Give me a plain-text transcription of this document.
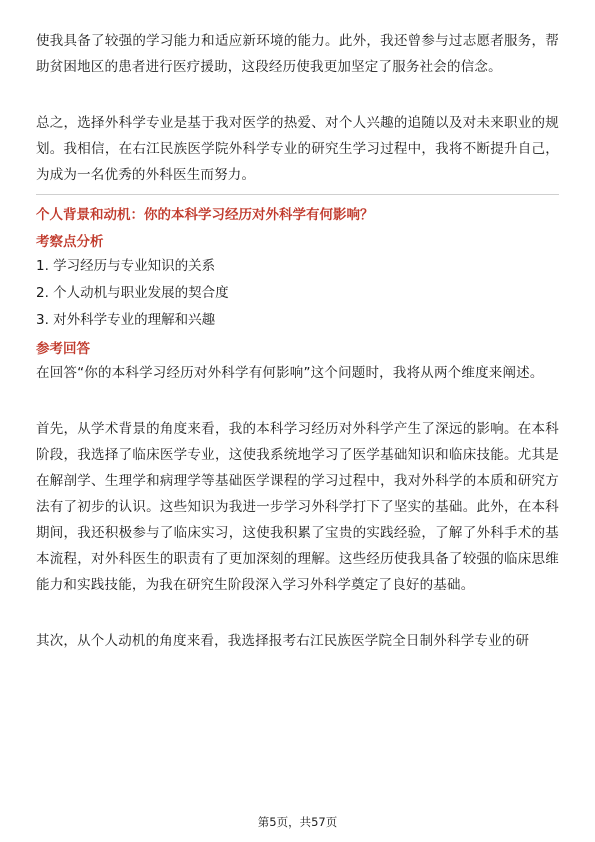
使我具备了较强的学习能力和适应新环境的能力。此外，我还曾参与过志愿者服务，帮助贫困地区的患者进行医疗援助，这段经历使我更加坚定了服务社会的信念。

总之，选择外科学专业是基于我对医学的热爱、对个人兴趣的追随以及对未来职业的规划。我相信，在右江民族医学院外科学专业的研究生学习过程中，我将不断提升自己，为成为一名优秀的外科医生而努力。

个人背景和动机：你的本科学习经历对外科学有何影响？

考察点分析

1. 学习经历与专业知识的关系

2. 个人动机与职业发展的契合度

3. 对外科学专业的理解和兴趣

参考回答

在回答“你的本科学习经历对外科学有何影响”这个问题时，我将从两个维度来阐述。

首先，从学术背景的角度来看，我的本科学习经历对外科学产生了深远的影响。在本科阶段，我选择了临床医学专业，这使我系统地学习了医学基础知识和临床技能。尤其是在解剖学、生理学和病理学等基础医学课程的学习过程中，我对外科学的本质和研究方法有了初步的认识。这些知识为我进一步学习外科学打下了坚实的基础。此外，在本科期间，我还积极参与了临床实习，这使我积累了宝贵的实践经验，了解了外科手术的基本流程，对外科医生的职责有了更加深刻的理解。这些经历使我具备了较强的临床思维能力和实践技能，为我在研究生阶段深入学习外科学奠定了良好的基础。

其次，从个人动机的角度来看，我选择报考右江民族医学院全日制外科学专业的研

第5页，共57页
